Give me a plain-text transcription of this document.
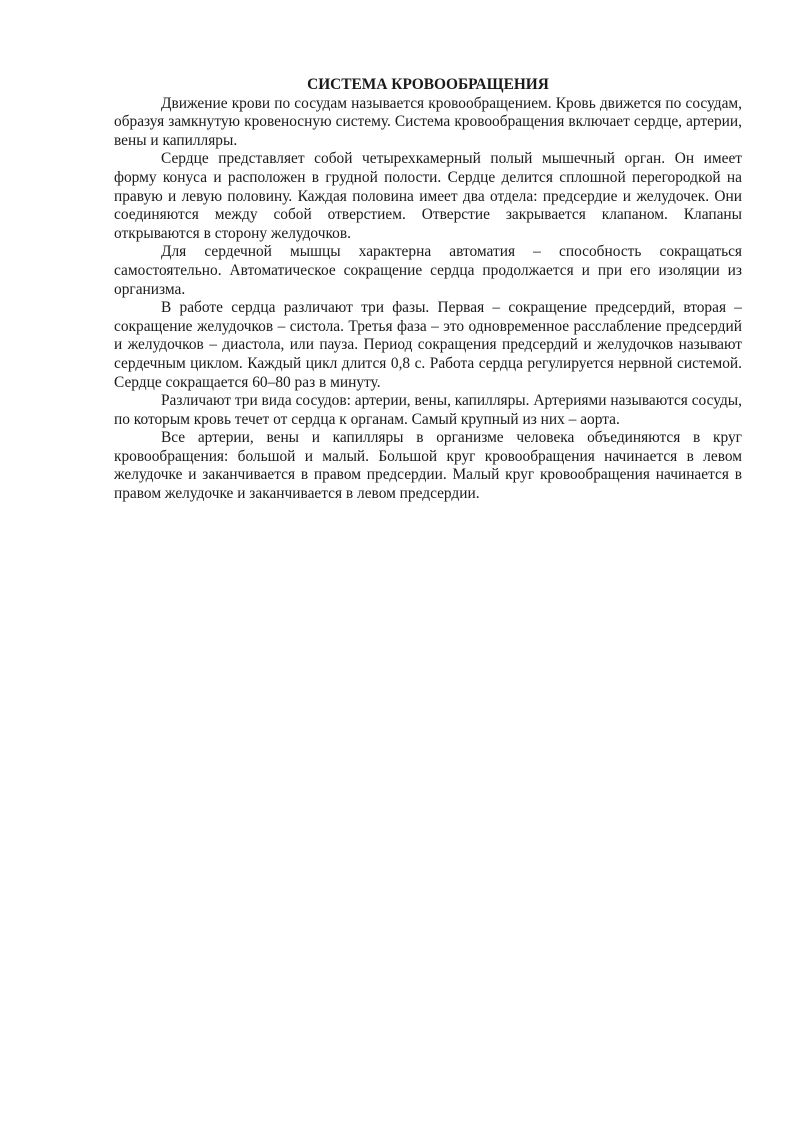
СИСТЕМА КРОВООБРАЩЕНИЯ

Движение крови по сосудам называется кровообращением. Кровь движется по сосудам, образуя замкнутую кровеносную систему. Система кровообращения включает сердце, артерии, вены и капилляры.

Сердце представляет собой четырехкамерный полый мышечный орган. Он имеет форму конуса и расположен в грудной полости. Сердце делится сплошной перегородкой на правую и левую половину. Каждая половина имеет два отдела: предсердие и желудочек. Они соединяются между собой отверстием. Отверстие закрывается клапаном. Клапаны открываются в сторону желудочков.

Для сердечной мышцы характерна автоматия – способность сокращаться самостоятельно. Автоматическое сокращение сердца продолжается и при его изоляции из организма.

В работе сердца различают три фазы. Первая – сокращение предсердий, вторая – сокращение желудочков – систола. Третья фаза – это одновременное расслабление предсердий и желудочков – диастола, или пауза. Период сокращения предсердий и желудочков называют сердечным циклом. Каждый цикл длится 0,8 с. Работа сердца регулируется нервной системой. Сердце сокращается 60–80 раз в минуту.

Различают три вида сосудов: артерии, вены, капилляры. Артериями называются сосуды, по которым кровь течет от сердца к органам. Самый крупный из них – аорта.

Все артерии, вены и капилляры в организме человека объединяются в круг кровообращения: большой и малый. Большой круг кровообращения начинается в левом желудочке и заканчивается в правом предсердии. Малый круг кровообращения начинается в правом желудочке и заканчивается в левом предсердии.
